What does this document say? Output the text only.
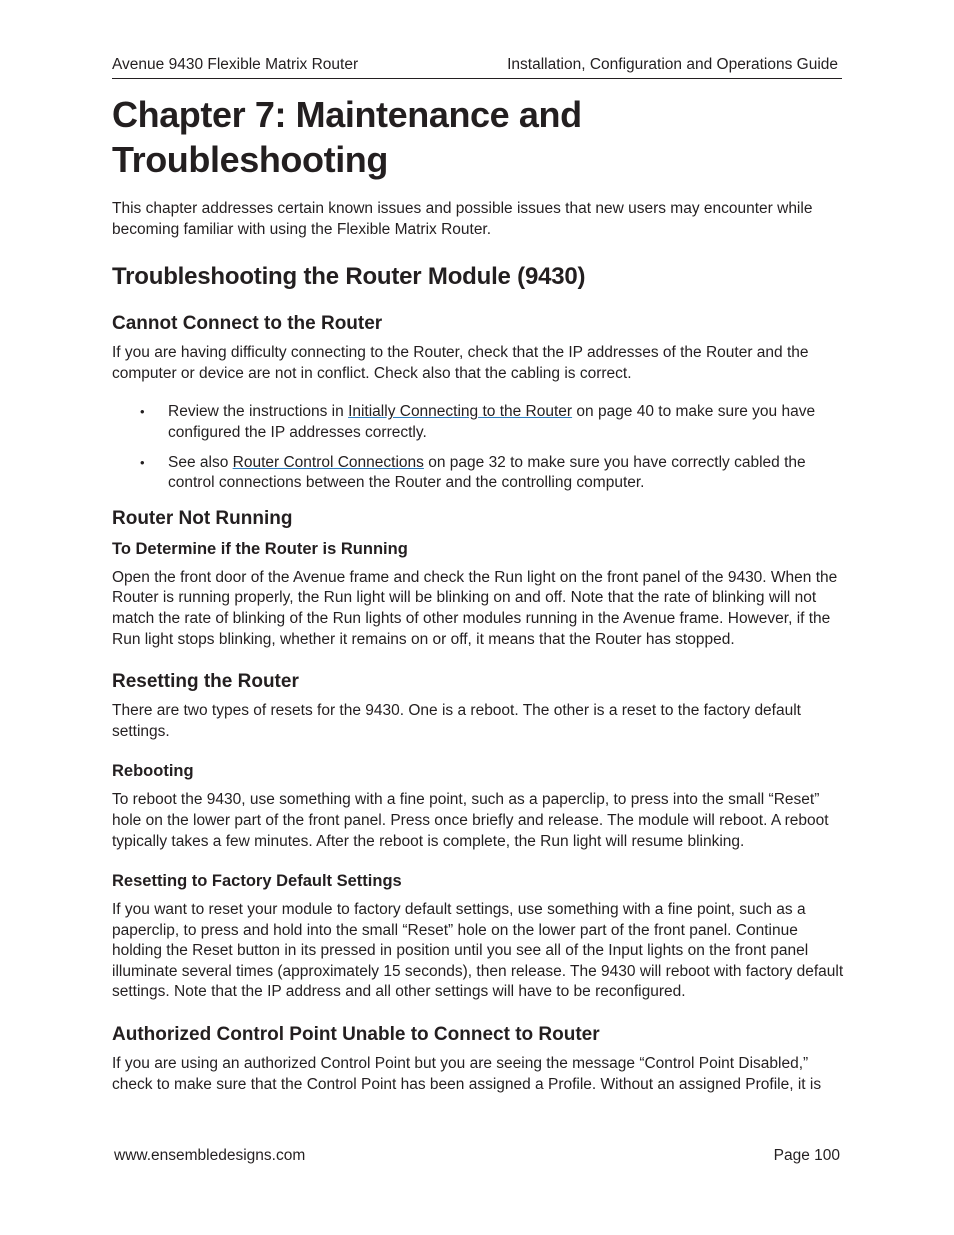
Avenue 9430 Flexible Matrix Router	Installation, Configuration and Operations Guide
Chapter 7: Maintenance and
Troubleshooting

This chapter addresses certain known issues and possible issues that new users may encounter while becoming familiar with using the Flexible Matrix Router.

Troubleshooting the Router Module (9430)
Cannot Connect to the Router

If you are having difficulty connecting to the Router, check that the IP addresses of the Router and the computer or device are not in conflict. Check also that the cabling is correct.

• Review the instructions in Initially Connecting to the Router on page 40 to make sure you have configured the IP addresses correctly.
• See also Router Control Connections on page 32 to make sure you have correctly cabled the control connections between the Router and the controlling computer.
Router Not Running
To Determine if the Router is Running

Open the front door of the Avenue frame and check the Run light on the front panel of the 9430. When the Router is running properly, the Run light will be blinking on and off. Note that the rate of blinking will not match the rate of blinking of the Run lights of other modules running in the Avenue frame. However, if the Run light stops blinking, whether it remains on or off, it means that the Router has stopped.

Resetting the Router

There are two types of resets for the 9430. One is a reboot. The other is a reset to the factory default settings.

Rebooting

To reboot the 9430, use something with a fine point, such as a paperclip, to press into the small “Reset” hole on the lower part of the front panel. Press once briefly and release. The module will reboot. A reboot typically takes a few minutes. After the reboot is complete, the Run light will resume blinking.

Resetting to Factory Default Settings

If you want to reset your module to factory default settings, use something with a fine point, such as a paperclip, to press and hold into the small “Reset” hole on the lower part of the front panel. Continue holding the Reset button in its pressed in position until you see all of the Input lights on the front panel illuminate several times (approximately 15 seconds), then release. The 9430 will reboot with factory default settings. Note that the IP address and all other settings will have to be reconfigured.

Authorized Control Point Unable to Connect to Router

If you are using an authorized Control Point but you are seeing the message “Control Point Disabled,” check to make sure that the Control Point has been assigned a Profile. Without an assigned Profile, it is

www.ensembledesigns.com	Page 100
